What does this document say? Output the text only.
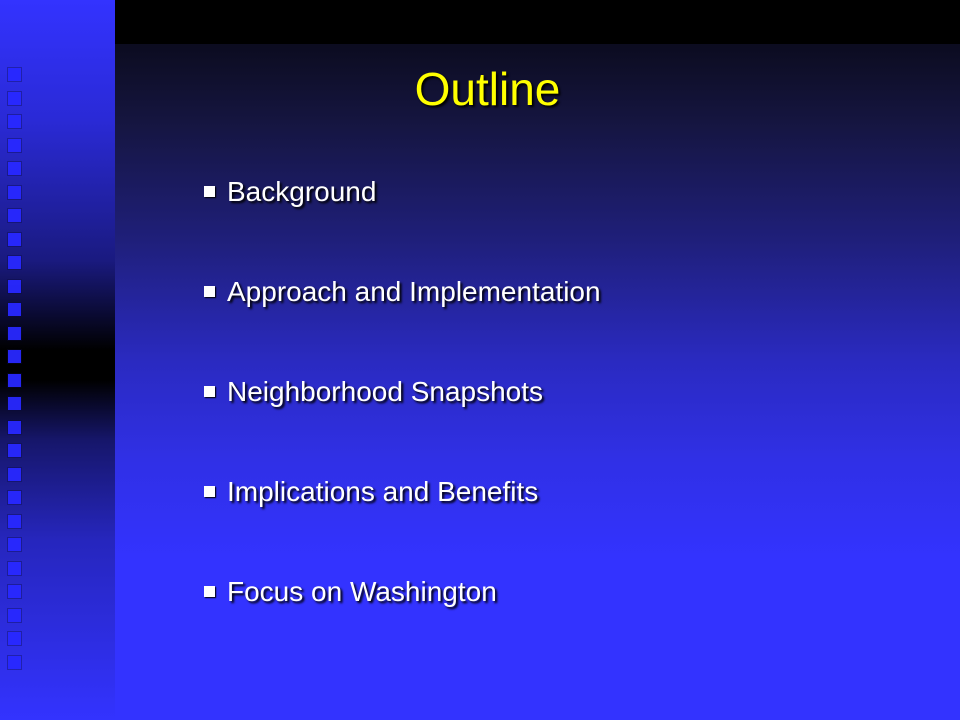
Outline
Background
Approach and Implementation
Neighborhood Snapshots
Implications and Benefits
Focus on Washington
